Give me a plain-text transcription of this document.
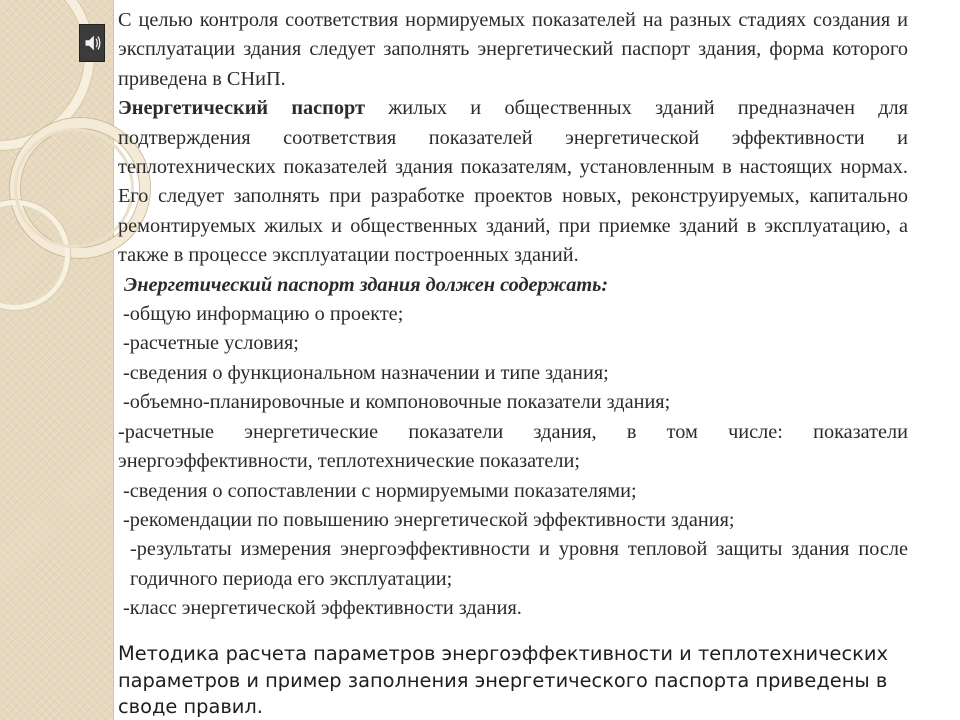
С целью контроля соответствия нормируемых показателей на разных стадиях создания и эксплуатации здания следует заполнять энергетический паспорт здания, форма которого приведена в СНиП.

Энергетический паспорт жилых и общественных зданий предназначен для подтверждения соответствия показателей энергетической эффективности и теплотехнических показателей здания показателям, установленным в настоящих нормах. Его следует заполнять при разработке проектов новых, реконструируемых, капитально ремонтируемых жилых и общественных зданий, при приемке зданий в эксплуатацию, а также в процессе эксплуатации построенных зданий.

Энергетический паспорт здания должен содержать:

-общую информацию о проекте;

-расчетные условия;

-сведения о функциональном назначении и типе здания;

-объемно-планировочные и компоновочные показатели здания;

-расчетные энергетические показатели здания, в том числе: показатели энергоэффективности, теплотехнические показатели;

-сведения о сопоставлении с нормируемыми показателями;

-рекомендации по повышению энергетической эффективности здания;

-результаты измерения энергоэффективности и уровня тепловой защиты здания после годичного периода его эксплуатации;

-класс энергетической эффективности здания.

Методика расчета параметров энергоэффективности и теплотехнических параметров и пример заполнения энергетического паспорта приведены в своде правил.
